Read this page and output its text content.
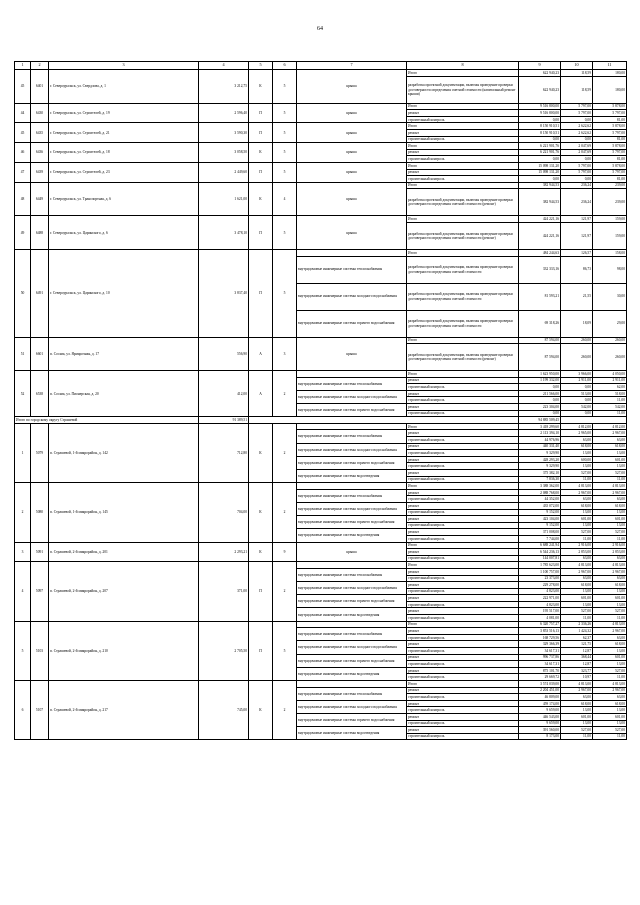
64
1	2	3	4	5	6	7	8	9	10	11
45	6401	г. Североуральск, ул. Свердлова, д. 1	3 212,75	К	5	крыша	Итого	622 940,23	118,59	180,00
							разработка проектной документации, включая проведение проверки достоверности определения сметной стоимости (капитальный ремонт крыши)	622 940,23	118,59	180,00
44	6430	г. Североуральск, ул. Строителей, д. 19	2 596,40	П	5	крыша	Итого	9 516 800,00	5 797,00	5 878,00
							ремонт	9 516 800,00	5 797,00	5 797,00
							строительный контроль	0,00	0,00	81,00
45	6435	г. Североуральск, ул. Строителей, д. 21	3 590,30	П	5	крыша	Итого	8 150 910,51	2 622,62	5 878,00
							ремонт	8 150 910,51	2 622,62	5 797,00
							строительный контроль	0,00	0,00	81,00
46	6436	г. Североуральск, ул. Строителей, д. 18	3 058,50	К	5	крыша	Итого	6 221 901,76	2 047,69	5 878,00
							ремонт	6 221 901,76	2 047,69	5 797,00
							строительный контроль	0,00	0,00	81,00
47	6439	г. Североуральск, ул. Строителей, д. 23	2 449,60	П	5	крыша	Итого	15 098 131,20	5 797,00	5 878,00
							ремонт	15 098 131,20	5 797,00	5 797,00
							строительный контроль	0,00	0,00	81,00
48	6449	г. Североуральск, ул. Транспортная, д. 6	1 621,00	К	4	крыша	Итого	382 944,53	236,24	239,00
							разработка проектной документации, включая проведение проверки достоверности определения сметной стоимости (ремонт)	382 944,53	236,24	239,00
49	6488	г. Североуральск, ул. Царинского, д. 6	3 478,10	П	5	крыша	Итого	424 221,16	121,97	159,00
							разработка проектной документации, включая проведение проверки достоверности определения сметной стоимости (ремонт)	424 221,16	121,97	159,00
50	6491	г. Североуральск, ул. Царинского, д. 10	3 837,40	П	5		Итого	484 244,63	126,57	158,00
						внутридомовые инженерные системы теплоснабжения	разработка проектной документации, включая проведение проверки достоверности определения сметной стоимости	332 333,16	86,73	98,00
						внутридомовые инженерные системы холодного водоснабжения	разработка проектной документации, включая проведение проверки достоверности определения сметной стоимости	81 593,21	21,55	30,00
						внутридомовые инженерные системы горячего водоснабжения	разработка проектной документации, включая проведение проверки достоверности определения сметной стоимости	69 318,26	18,09	29,00
51	6601	п. Сосьва, ул. Ярмарочная, д. 17	556,90	А	3	крыша	Итого	87 594,00	260,00	260,00
							разработка проектной документации, включая проведение проверки достоверности определения сметной стоимости (ремонт)	87 594,00	260,00	260,00
52	6538	п. Сосьва, ул. Пионерская, д. 20	412,00	А	2		Итого	1 623 950,00	3 966,00	4 050,00
						внутридомовые инженерные системы теплоснабжения	ремонт	1 199 332,00	2 911,00	2 911,00
							строительный контроль	0,00	0,00	62,00
						внутридомовые инженерные системы холодного водоснабжения	ремонт	211 566,00	513,00	518,00
							строительный контроль	0,00	0,00	11,00
						внутридомовые инженерные системы горячего водоснабжения	ремонт	223 304,00	542,00	542,00
							строительный контроль	0,00	0,00	11,00
Итого по городскому округу Страшевой			91 389,51					94 885 509,45		
1	5079	п. Страшевой, 1-й микрорайон, д. 142	712,80	К	2		Итого	3 418 299,60	4 812,00	4 812,00
						внутридомовые инженерные системы теплоснабжения	ремонт	2 113 394,10	2 965,00	2 967,00
							строительный контроль	44 976,96	63,00	63,00
						внутридомовые инженерные системы холодного водоснабжения	ремонт	440 331,40	618,00	618,00
							строительный контроль	9 329,90	13,00	13,00
						внутридомовые инженерные системы горячего водоснабжения	ремонт	428 293,20	600,00	601,00
							строительный контроль	9 329,90	13,00	13,00
						внутридомовые инженерные системы водоотведения	ремонт	375 382,10	527,00	527,00
							строительный контроль	7 836,30	11,00	11,00
2	5080	п. Страшевой, 1-й микрорайон, д. 145	704,00	К	2		Итого	3 388 362,00	4 813,00	4 813,00
						внутридомовые инженерные системы теплоснабжения	ремонт	2 088 768,00	2 967,00	2 967,00
							строительный контроль	44 352,00	63,00	63,00
						внутридомовые инженерные системы холодного водоснабжения	ремонт	435 072,00	618,00	618,00
							строительный контроль	9 152,00	13,00	13,00
						внутридомовые инженерные системы горячего водоснабжения	ремонт	423 104,00	601,00	601,00
							строительный контроль	9 152,00	13,00	13,00
						внутридомовые инженерные системы водоотведения	ремонт	371 008,00	527,00	527,00
							строительный контроль	7 744,00	11,00	11,00
3	5091	п. Страшевой, 2-й микрорайон, д. 201	2 293,21	К	9	крыша	Итого	6 688 241,94	2 916,00	2 916,00
							ремонт	6 544 236,13	2 853,00	2 853,00
							строительный контроль	144 007,81	63,00	63,00
4	5097	п. Страшевой, 2-й микрорайон, д. 207	371,00	П	2		Итого	1 785 623,00	4 813,00	4 813,00
						внутридомовые инженерные системы теплоснабжения	ремонт	1 100 757,00	2 967,00	2 967,00
							строительный контроль	23 373,00	63,00	63,00
						внутридомовые инженерные системы холодного водоснабжения	ремонт	229 278,00	618,00	618,00
							строительный контроль	4 823,00	13,00	13,00
						внутридомовые инженерные системы горячего водоснабжения	ремонт	222 971,00	601,00	601,00
							строительный контроль	4 823,00	13,00	13,00
						внутридомовые инженерные системы водоотведения	ремонт	195 517,00	527,00	527,00
							строительный контроль	4 081,00	11,00	11,00
5	5103	п. Страшевой, 2-й микрорайон, д. 210	2 705,50	П	5		Итого	6 320 757,27	2 336,26	4 813,00
						внутридомовые инженерные системы теплоснабжения	ремонт	3 853 516,13	1 424,32	2 967,00
							строительный контроль	168 729,56	62,37	63,00
						внутридомовые инженерные системы холодного водоснабжения	ремонт	329 366,39	121,75	618,00
							строительный контроль	34 617,31	12,87	13,00
						внутридомовые инженерные системы горячего водоснабжения	ремонт	996 737,86	368,44	601,00
							строительный контроль	34 617,31	12,87	13,00
						внутридомовые инженерные системы водоотведения	ремонт	875 101,70	323,77	527,00
							строительный контроль	29 669,72	10,97	11,00
6	5107	п. Страшевой, 2-й микрорайон, д. 217	745,00	К	2		Итого	3 574 039,00	4 813,00	4 813,00
						внутридомовые инженерные системы теплоснабжения	ремонт	2 204 451,00	2 967,00	2 967,00
							строительный контроль	46 809,00	63,00	63,00
						внутридомовые инженерные системы холодного водоснабжения	ремонт	459 174,00	618,00	618,00
							строительный контроль	9 659,00	13,00	13,00
						внутридомовые инженерные системы горячего водоснабжения	ремонт	446 543,00	601,00	601,00
							строительный контроль	9 659,00	13,00	13,00
						внутридомовые инженерные системы водоотведения	ремонт	391 560,00	527,00	527,00
							строительный контроль	8 173,00	11,00	11,00
